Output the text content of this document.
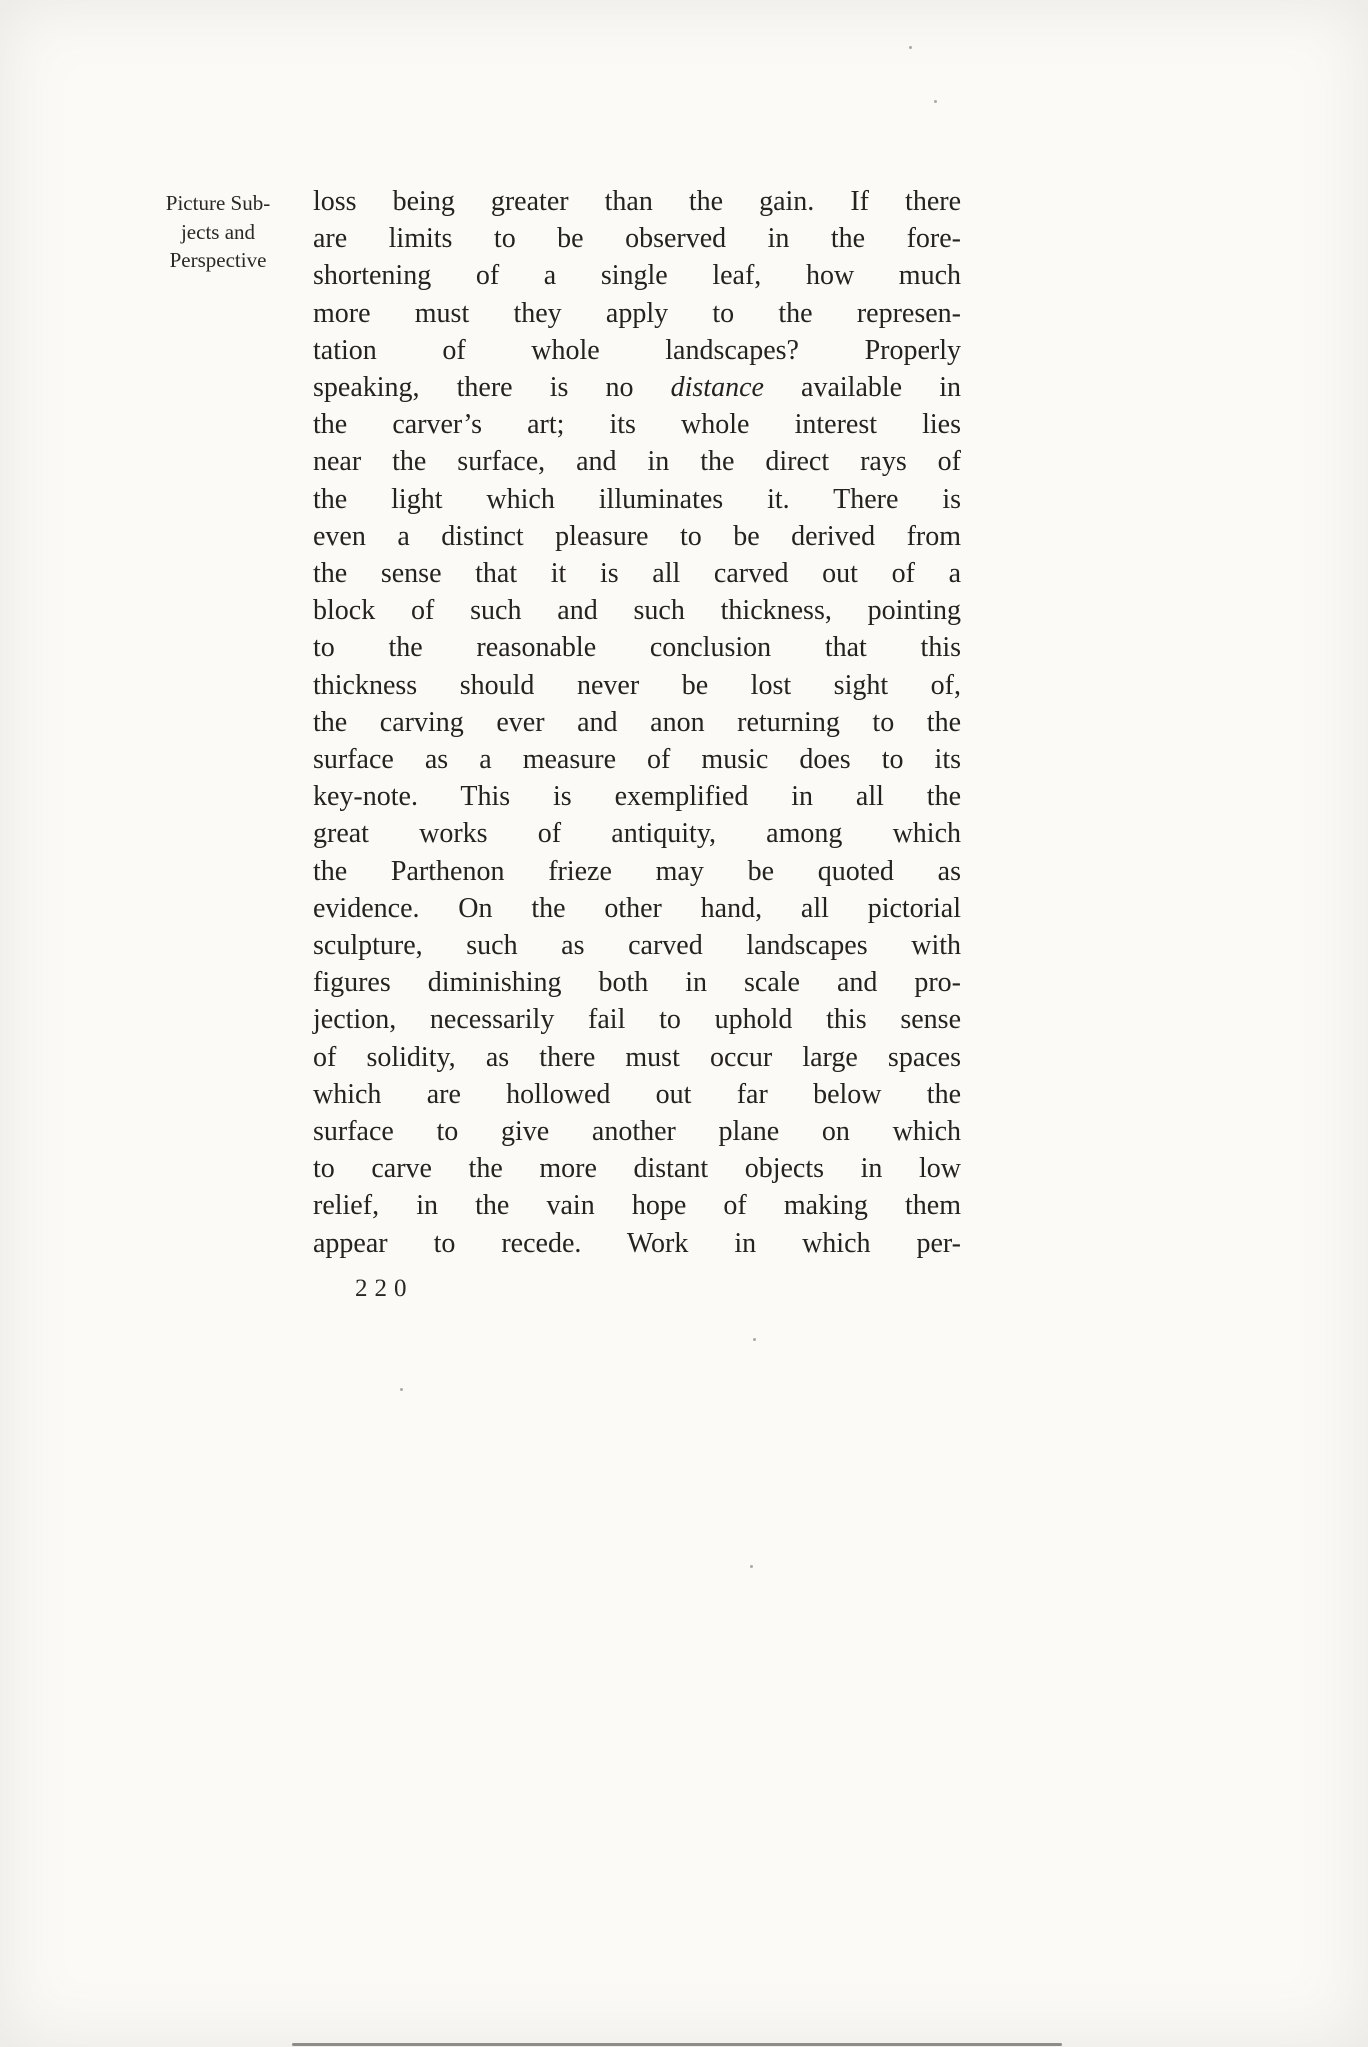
Picture Sub-
jects and
Perspective
loss being greater than the gain. If there
are limits to be observed in the fore-
shortening of a single leaf, how much
more must they apply to the represen-
tation of whole landscapes? Properly
speaking, there is no distance available in
the carver’s art; its whole interest lies
near the surface, and in the direct rays of
the light which illuminates it. There is
even a distinct pleasure to be derived from
the sense that it is all carved out of a
block of such and such thickness, pointing
to the reasonable conclusion that this
thickness should never be lost sight of,
the carving ever and anon returning to the
surface as a measure of music does to its
key-note. This is exemplified in all the
great works of antiquity, among which
the Parthenon frieze may be quoted as
evidence. On the other hand, all pictorial
sculpture, such as carved landscapes with
figures diminishing both in scale and pro-
jection, necessarily fail to uphold this sense
of solidity, as there must occur large spaces
which are hollowed out far below the
surface to give another plane on which
to carve the more distant objects in low
relief, in the vain hope of making them
appear to recede. Work in which per-
220
